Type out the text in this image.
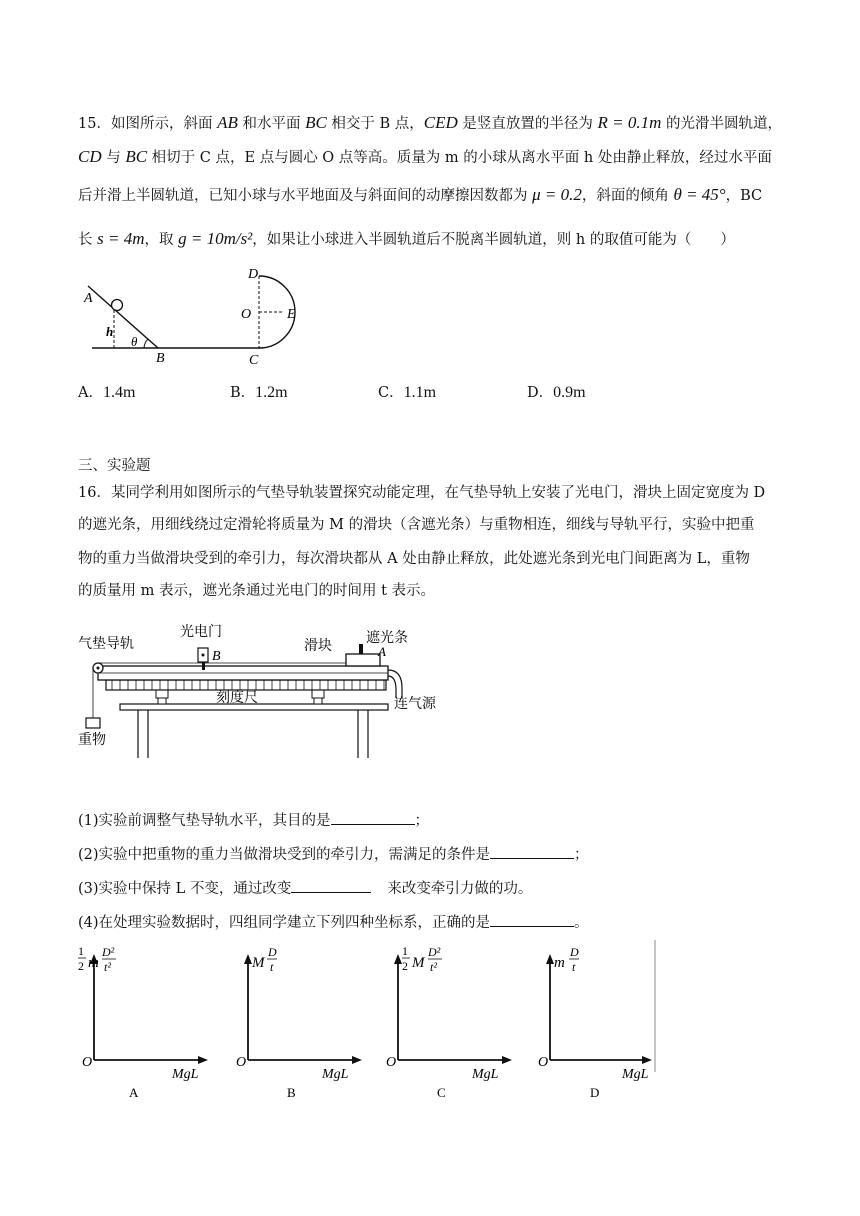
15．如图所示，斜面 AB 和水平面 BC 相交于 B 点，CED 是竖直放置的半径为 R = 0.1m 的光滑半圆轨道，
CD 与 BC 相切于 C 点，E 点与圆心 O 点等高。质量为 m 的小球从离水平面 h 处由静止释放，经过水平面
后并滑上半圆轨道，已知小球与水平地面及与斜面间的动摩擦因数都为 μ = 0.2，斜面的倾角 θ = 45°，BC
长 s = 4m，取 g = 10m/s²，如果让小球进入半圆轨道后不脱离半圆轨道，则 h 的取值可能为（　　）
A
h
θ
B	C
D
O	E
A．1.4m	B．1.2m	C．1.1m	D．0.9m
三、实验题
16．某同学利用如图所示的气垫导轨装置探究动能定理，在气垫导轨上安装了光电门，滑块上固定宽度为 D
的遮光条，用细线绕过定滑轮将质量为 M 的滑块（含遮光条）与重物相连，细线与导轨平行，实验中把重
物的重力当做滑块受到的牵引力，每次滑块都从 A 处由静止释放，此处遮光条到光电门间距离为 L，重物
的质量用 m 表示，遮光条通过光电门的时间用 t 表示。
气垫导轨
光电门
B
滑块 遮光条
A
刻度尺	连气源
重物
(1)实验前调整气垫导轨水平，其目的是	；
(2)实验中把重物的重力当做滑块受到的牵引力，需满足的条件是	；
(3)实验中保持 L 不变，通过改变	来改变牵引力做的功。
(4)在处理实验数据时，四组同学建立下列四种坐标系，正确的是	。
O
MgL
A
1
2 m
D²
t²
O
MgL
B
M
D
t
O
MgL
C
1
2 M
D²
t²
O
MgL
D
m
D
t
